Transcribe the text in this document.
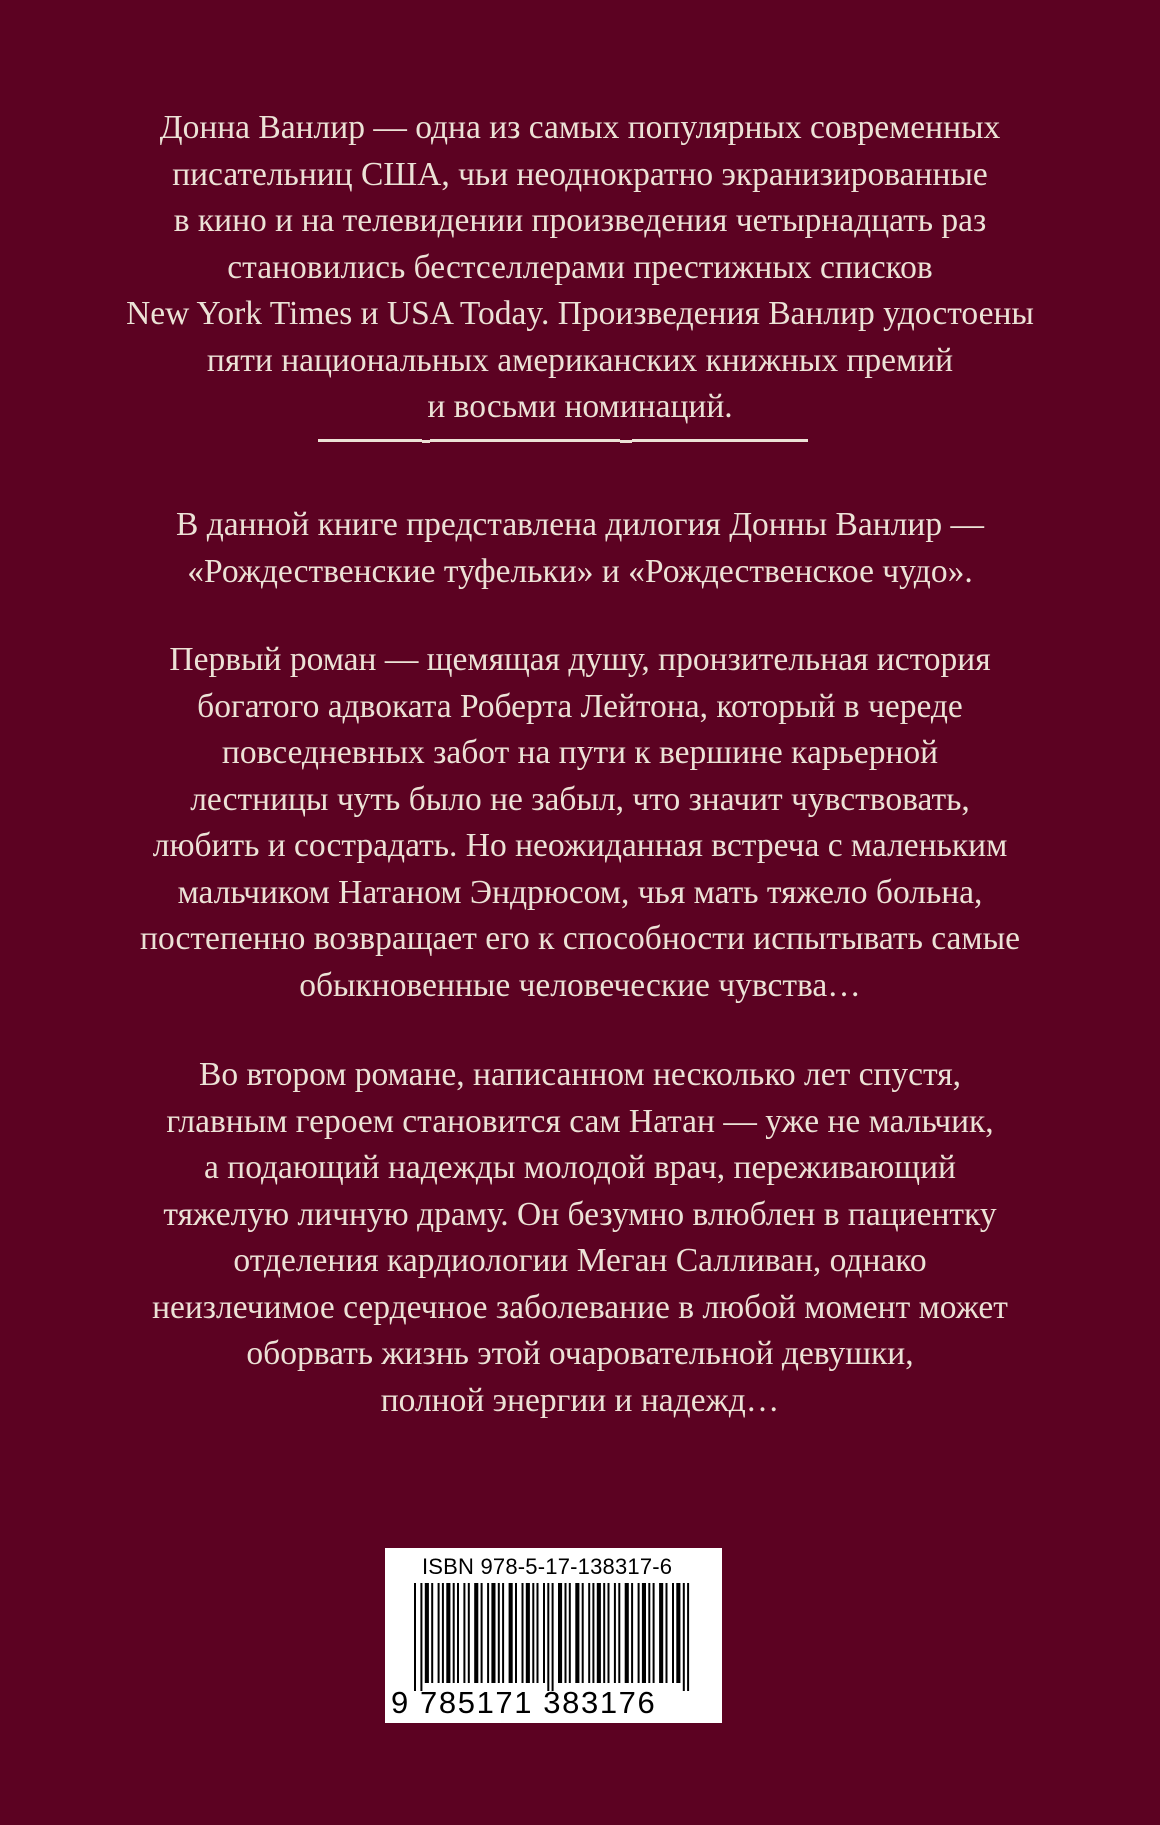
Донна Ванлир — одна из самых популярных современных
писательниц США, чьи неоднократно экранизированные
в кино и на телевидении произведения четырнадцать раз
становились бестселлерами престижных списков
New York Times и USA Today. Произведения Ванлир удостоены
пяти национальных американских книжных премий
и восьми номинаций.
В данной книге представлена дилогия Донны Ванлир —
«Рождественские туфельки» и «Рождественское чудо».
Первый роман — щемящая душу, пронзительная история
богатого адвоката Роберта Лейтона, который в череде
повседневных забот на пути к вершине карьерной
лестницы чуть было не забыл, что значит чувствовать,
любить и сострадать. Но неожиданная встреча с маленьким
мальчиком Натаном Эндрюсом, чья мать тяжело больна,
постепенно возвращает его к способности испытывать самые
обыкновенные человеческие чувства…
Во втором романе, написанном несколько лет спустя,
главным героем становится сам Натан — уже не мальчик,
а подающий надежды молодой врач, переживающий
тяжелую личную драму. Он безумно влюблен в пациентку
отделения кардиологии Меган Салливан, однако
неизлечимое сердечное заболевание в любой момент может
оборвать жизнь этой очаровательной девушки,
полной энергии и надежд…
ISBN 978-5-17-138317-6
9 785171 383176
